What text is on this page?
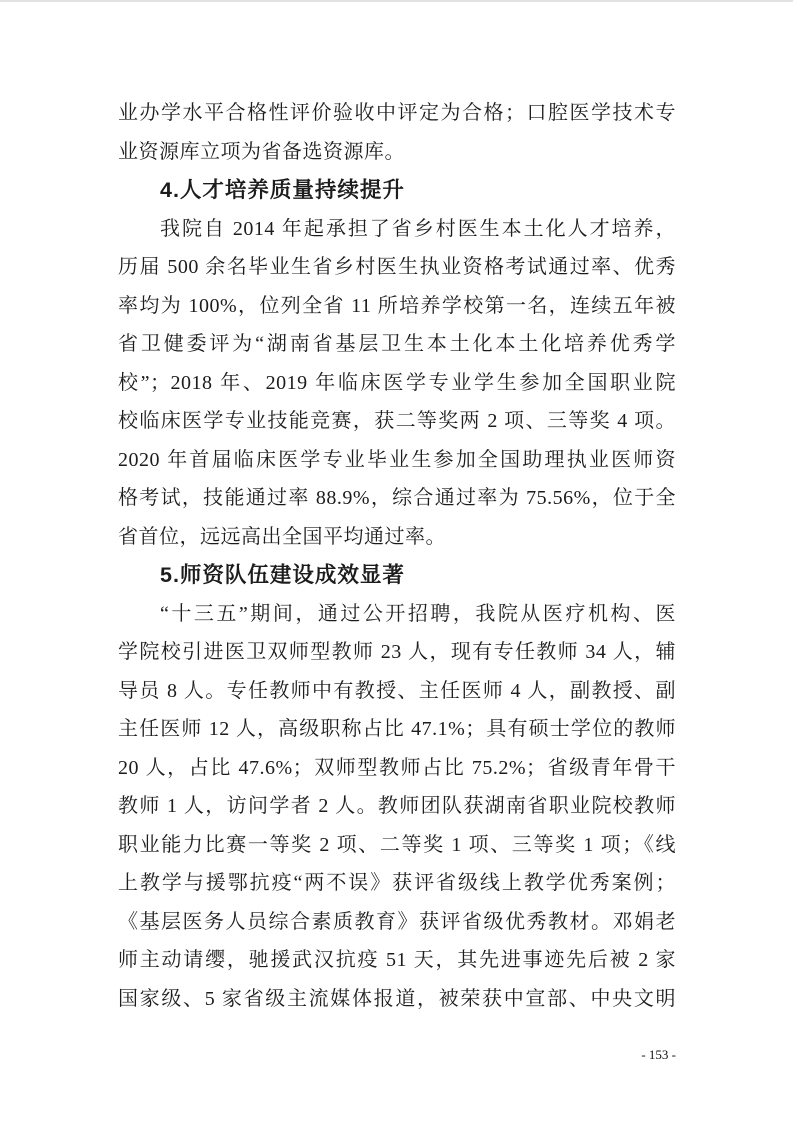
业办学水平合格性评价验收中评定为合格；口腔医学技术专
业资源库立项为省备选资源库。
4.人才培养质量持续提升
我院自 2014 年起承担了省乡村医生本土化人才培养，
历届 500 余名毕业生省乡村医生执业资格考试通过率、优秀
率均为 100%，位列全省 11 所培养学校第一名，连续五年被
省卫健委评为“湖南省基层卫生本土化本土化培养优秀学
校”；2018 年、2019 年临床医学专业学生参加全国职业院
校临床医学专业技能竞赛，获二等奖两 2 项、三等奖 4 项。
2020 年首届临床医学专业毕业生参加全国助理执业医师资
格考试，技能通过率 88.9%，综合通过率为 75.56%，位于全
省首位，远远高出全国平均通过率。
5.师资队伍建设成效显著
“十三五”期间，通过公开招聘，我院从医疗机构、医
学院校引进医卫双师型教师 23 人，现有专任教师 34 人，辅
导员 8 人。专任教师中有教授、主任医师 4 人，副教授、副
主任医师 12 人，高级职称占比 47.1%；具有硕士学位的教师
20 人，占比 47.6%；双师型教师占比 75.2%；省级青年骨干
教师 1 人，访问学者 2 人。教师团队获湖南省职业院校教师
职业能力比赛一等奖 2 项、二等奖 1 项、三等奖 1 项；《线
上教学与援鄂抗疫“两不误》获评省级线上教学优秀案例；
《基层医务人员综合素质教育》获评省级优秀教材。邓娟老
师主动请缨，驰援武汉抗疫 51 天，其先进事迹先后被 2 家
国家级、5 家省级主流媒体报道，被荣获中宣部、中央文明
- 153 -
